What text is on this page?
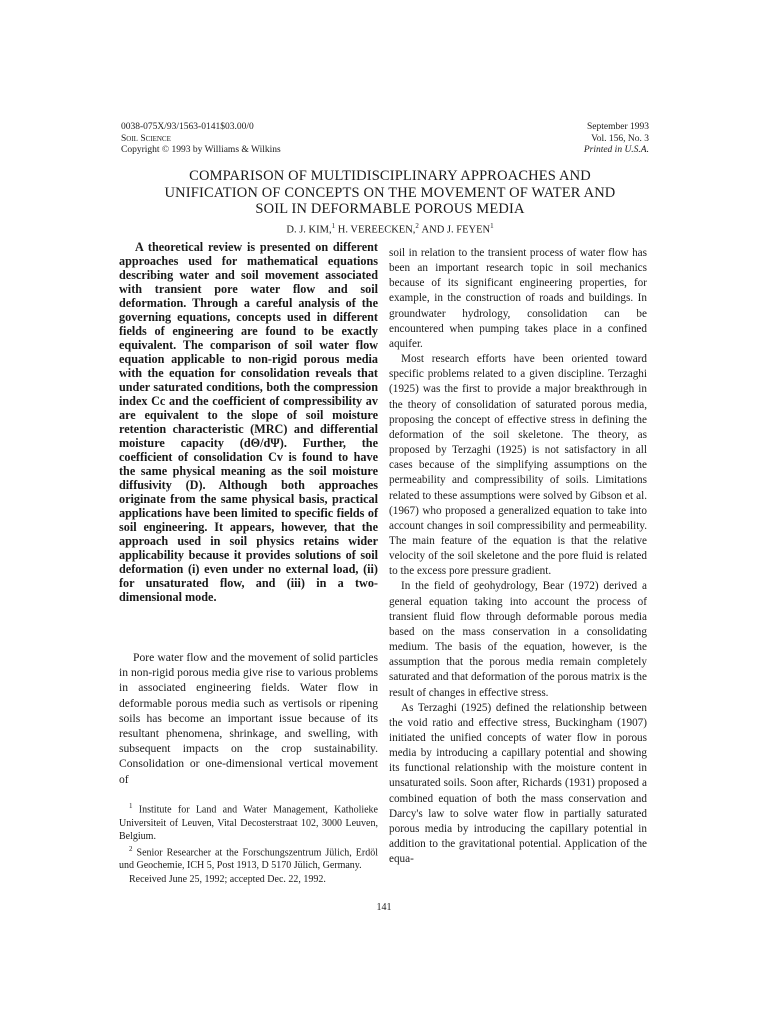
0038-075X/93/1563-0141$03.00/0
Soil Science
Copyright © 1993 by Williams & Wilkins
September 1993
Vol. 156, No. 3
Printed in U.S.A.
COMPARISON OF MULTIDISCIPLINARY APPROACHES AND
UNIFICATION OF CONCEPTS ON THE MOVEMENT OF WATER AND
SOIL IN DEFORMABLE POROUS MEDIA
D. J. KIM,$^1$ H. VEREECKEN,$^2$ AND J. FEYEN$^1$
A theoretical review is presented on different approaches used for mathematical equations describing water and soil movement associated with transient pore water flow and soil deformation. Through a careful analysis of the governing equations, concepts used in different fields of engineering are found to be exactly equivalent. The comparison of soil water flow equation applicable to non-rigid porous media with the equation for consolidation reveals that under saturated conditions, both the compression index Cc and the coefficient of compressibility av are equivalent to the slope of soil moisture retention characteristic (MRC) and differential moisture capacity (dΘ/dΨ). Further, the coefficient of consolidation Cv is found to have the same physical meaning as the soil moisture diffusivity (D). Although both approaches originate from the same physical basis, practical applications have been limited to specific fields of soil engineering. It appears, however, that the approach used in soil physics retains wider applicability because it provides solutions of soil deformation (i) even under no external load, (ii) for unsaturated flow, and (iii) in a two-dimensional mode.

Pore water flow and the movement of solid particles in non-rigid porous media give rise to various problems in associated engineering fields. Water flow in deformable porous media such as vertisols or ripening soils has become an important issue because of its resultant phenomena, shrinkage, and swelling, with subsequent impacts on the crop sustainability. Consolidation or one-dimensional vertical movement of

$^1$ Institute for Land and Water Management, Katholieke Universiteit of Leuven, Vital Decosterstraat 102, 3000 Leuven, Belgium.

$^2$ Senior Researcher at the Forschungszentrum Jülich, Erdöl und Geochemie, ICH 5, Post 1913, D 5170 Jülich, Germany.

Received June 25, 1992; accepted Dec. 22, 1992.

soil in relation to the transient process of water flow has been an important research topic in soil mechanics because of its significant engineering properties, for example, in the construction of roads and buildings. In groundwater hydrology, consolidation can be encountered when pumping takes place in a confined aquifer.

Most research efforts have been oriented toward specific problems related to a given discipline. Terzaghi (1925) was the first to provide a major breakthrough in the theory of consolidation of saturated porous media, proposing the concept of effective stress in defining the deformation of the soil skeletone. The theory, as proposed by Terzaghi (1925) is not satisfactory in all cases because of the simplifying assumptions on the permeability and compressibility of soils. Limitations related to these assumptions were solved by Gibson et al. (1967) who proposed a generalized equation to take into account changes in soil compressibility and permeability. The main feature of the equation is that the relative velocity of the soil skeletone and the pore fluid is related to the excess pore pressure gradient.

In the field of geohydrology, Bear (1972) derived a general equation taking into account the process of transient fluid flow through deformable porous media based on the mass conservation in a consolidating medium. The basis of the equation, however, is the assumption that the porous media remain completely saturated and that deformation of the porous matrix is the result of changes in effective stress.

As Terzaghi (1925) defined the relationship between the void ratio and effective stress, Buckingham (1907) initiated the unified concepts of water flow in porous media by introducing a capillary potential and showing its functional relationship with the moisture content in unsaturated soils. Soon after, Richards (1931) proposed a combined equation of both the mass conservation and Darcy's law to solve water flow in partially saturated porous media by introducing the capillary potential in addition to the gravitational potential. Application of the equa-

141
